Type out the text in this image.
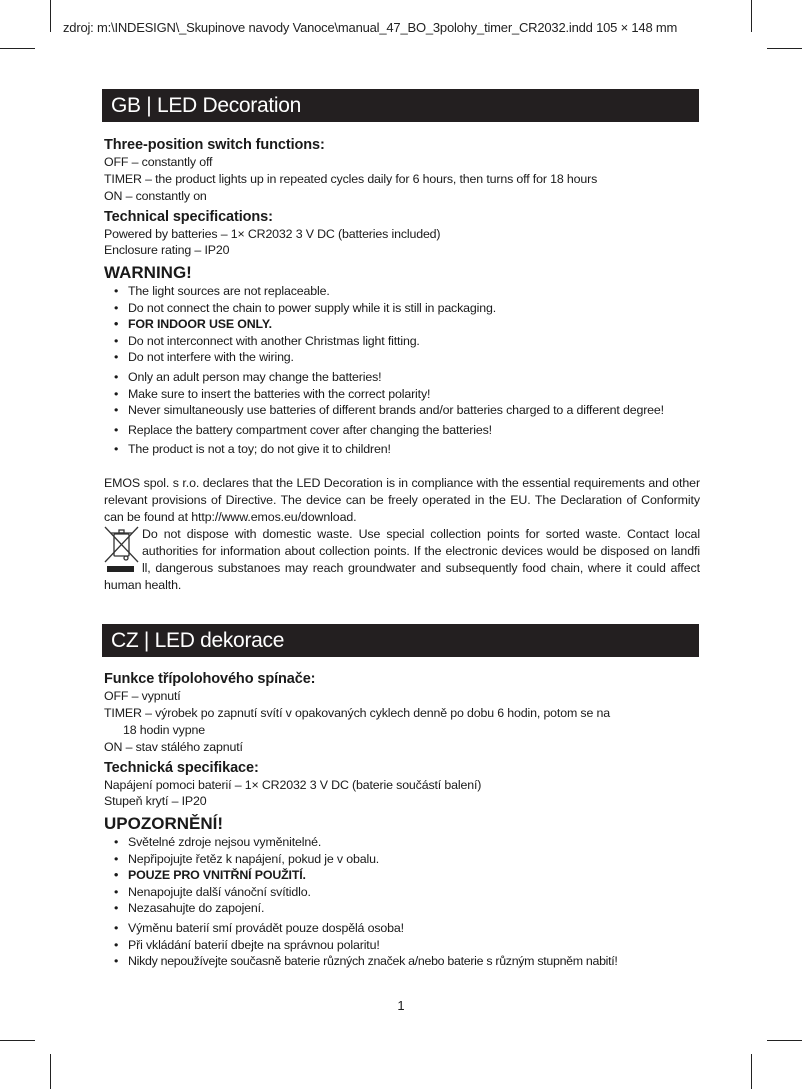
zdroj: m:\INDESIGN\_Skupinove navody Vanoce\manual_47_BO_3polohy_timer_CR2032.indd 105 × 148 mm
GB | LED Decoration

Three-position switch functions:

OFF – constantly off

TIMER – the product lights up in repeated cycles daily for 6 hours, then turns off for 18 hours

ON – constantly on

Technical specifications:

Powered by batteries – 1× CR2032 3 V DC (batteries included)

Enclosure rating – IP20

WARNING!

• The light sources are not replaceable.
• Do not connect the chain to power supply while it is still in packaging.
• FOR INDOOR USE ONLY.
• Do not interconnect with another Christmas light fitting.
• Do not interfere with the wiring.
• Only an adult person may change the batteries!
• Make sure to insert the batteries with the correct polarity!
• Never simultaneously use batteries of different brands and/or batteries charged to a different degree!
• Replace the battery compartment cover after changing the batteries!
• The product is not a toy; do not give it to children!

EMOS spol. s r.o. declares that the LED Decoration is in compliance with the essential requirements and other relevant provisions of Directive. The device can be freely operated in the EU. The Declaration of Conformity can be found at http://www.emos.eu/download.

Do not dispose with domestic waste. Use special collection points for sorted waste. Contact local authorities for information about collection points. If the electronic devices would be disposed on landfi ll, dangerous substanoes may reach groundwater and subsequently food chain, where it could affect human health.

CZ | LED dekorace

Funkce třípolohového spínače:

OFF – vypnutí

TIMER – výrobek po zapnutí svítí v opakovaných cyklech denně po dobu 6 hodin, potom se na

18 hodin vypne

ON – stav stálého zapnutí

Technická specifikace:

Napájení pomoci baterií – 1× CR2032 3 V DC (baterie součástí balení)

Stupeň krytí – IP20

UPOZORNĚNÍ!

• Světelné zdroje nejsou vyměnitelné.
• Nepřipojujte řetěz k napájení, pokud je v obalu.
• POUZE PRO VNITŘNÍ POUŽITÍ.
• Nenapojujte další vánoční svítidlo.
• Nezasahujte do zapojení.
• Výměnu baterií smí provádět pouze dospělá osoba!
• Při vkládání baterií dbejte na správnou polaritu!
• Nikdy nepoužívejte současně baterie různých značek a/nebo baterie s různým stupněm nabití!
1
